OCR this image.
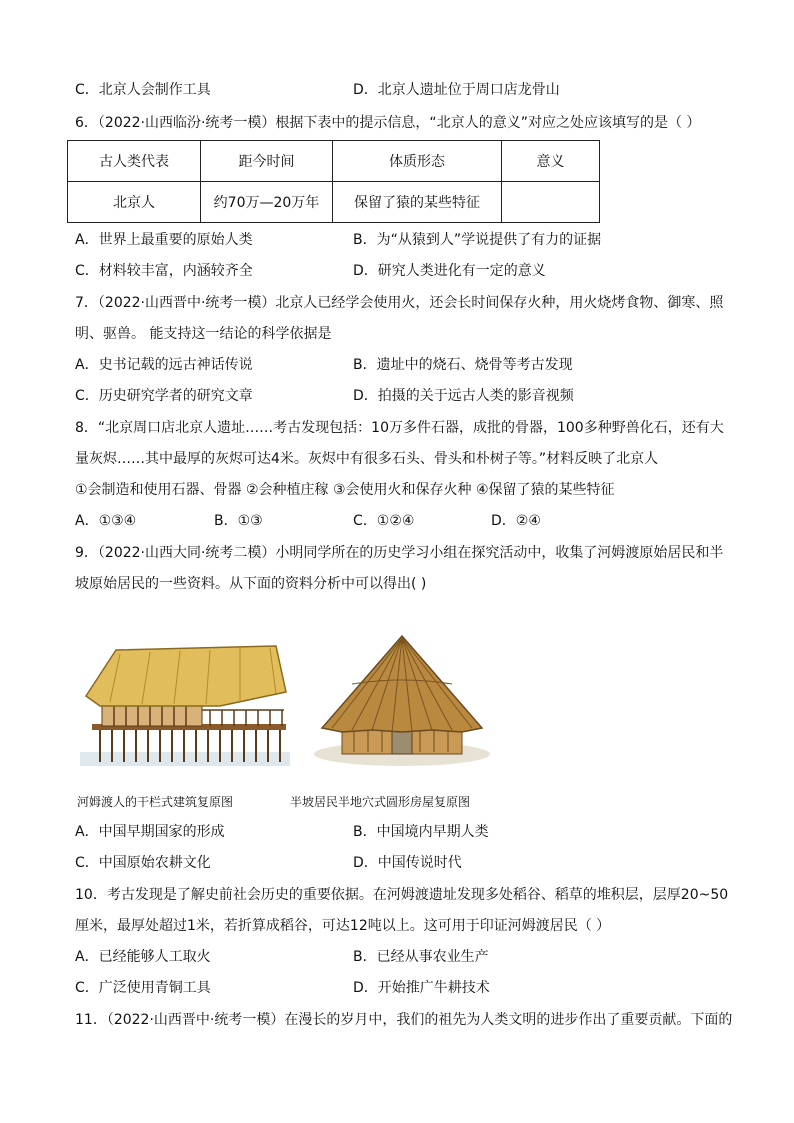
C．北京人会制作工具	D．北京人遗址位于周口店龙骨山
6．（2022·山西临汾·统考一模）根据下表中的提示信息，“北京人的意义”对应之处应该填写的是（ ）
古人类代表	距今时间	体质形态	意义
北京人	约70万—20万年	保留了猿的某些特征	
A．世界上最重要的原始人类	B．为“从猿到人”学说提供了有力的证据
C．材料较丰富，内涵较齐全	D．研究人类进化有一定的意义
7．（2022·山西晋中·统考一模）北京人已经学会使用火，还会长时间保存火种，用火烧烤食物、御寒、照
明、驱兽。 能支持这一结论的科学依据是
A．史书记载的远古神话传说	B．遗址中的烧石、烧骨等考古发现
C．历史研究学者的研究文章	D．拍摄的关于远古人类的影音视频
8．“北京周口店北京人遗址……考古发现包括：10万多件石器，成批的骨器，100多种野兽化石，还有大
量灰烬……其中最厚的灰烬可达4米。灰烬中有很多石头、骨头和朴树子等。”材料反映了北京人
①会制造和使用石器、骨器 ②会种植庄稼 ③会使用火和保存火种 ④保留了猿的某些特征
A．①③④	B．①③	C．①②④	D．②④
9．（2022·山西大同·统考二模）小明同学所在的历史学习小组在探究活动中，收集了河姆渡原始居民和半
坡原始居民的一些资料。从下面的资料分析中可以得出( )
河姆渡人的干栏式建筑复原图	半坡居民半地穴式圆形房屋复原图
A．中国早期国家的形成	B．中国境内早期人类
C．中国原始农耕文化	D．中国传说时代
10．考古发现是了解史前社会历史的重要依据。在河姆渡遗址发现多处稻谷、稻草的堆积层，层厚20~50
厘米，最厚处超过1米，若折算成稻谷，可达12吨以上。这可用于印证河姆渡居民（ ）
A．已经能够人工取火	B．已经从事农业生产
C．广泛使用青铜工具	D．开始推广牛耕技术
11．（2022·山西晋中·统考一模）在漫长的岁月中，我们的祖先为人类文明的进步作出了重要贡献。下面的
